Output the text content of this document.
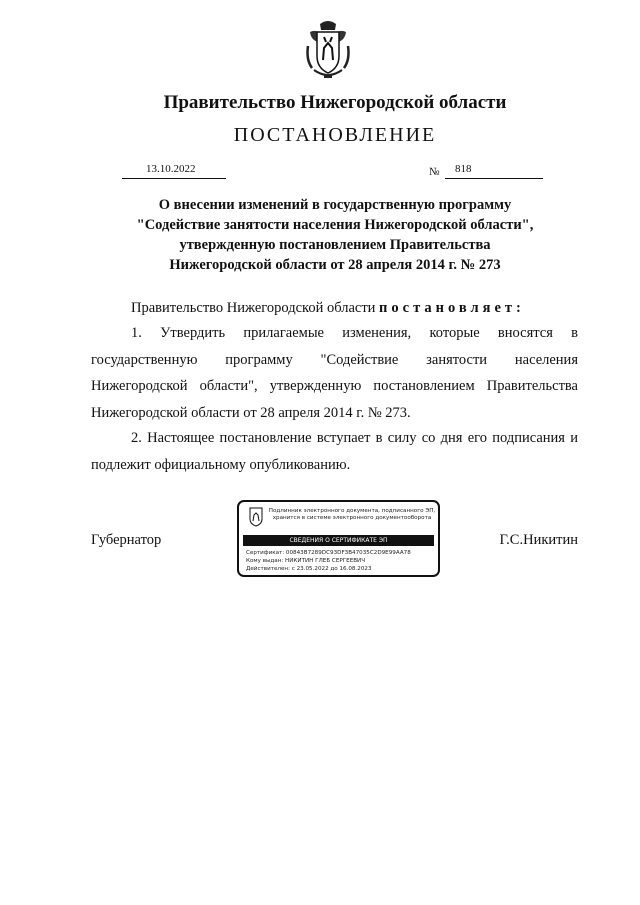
Правительство Нижегородской области
ПОСТАНОВЛЕНИЕ
13.10.2022	№	818
О внесении изменений в государственную программу
"Содействие занятости населения Нижегородской области",
утвержденную постановлением Правительства
Нижегородской области от 28 апреля 2014 г. № 273
Правительство Нижегородской области постановляет:
1. Утвердить прилагаемые изменения, которые вносятся в государственную программу "Содействие занятости населения Нижегородской области", утвержденную постановлением Правительства Нижегородской области от 28 апреля 2014 г. № 273.
2. Настоящее постановление вступает в силу со дня его подписания и подлежит официальному опубликованию.
Губернатор	Г.С.Никитин
Подлинник электронного документа, подписанного ЭП,
хранится в системе электронного документооборота
СВЕДЕНИЯ О СЕРТИФИКАТЕ ЭП
Сертификат: 00843B7289DC93DF3B47035C2D9E99AA78
Кому выдан: НИКИТИН ГЛЕБ СЕРГЕЕВИЧ
Действителен: с 23.05.2022 до 16.08.2023
